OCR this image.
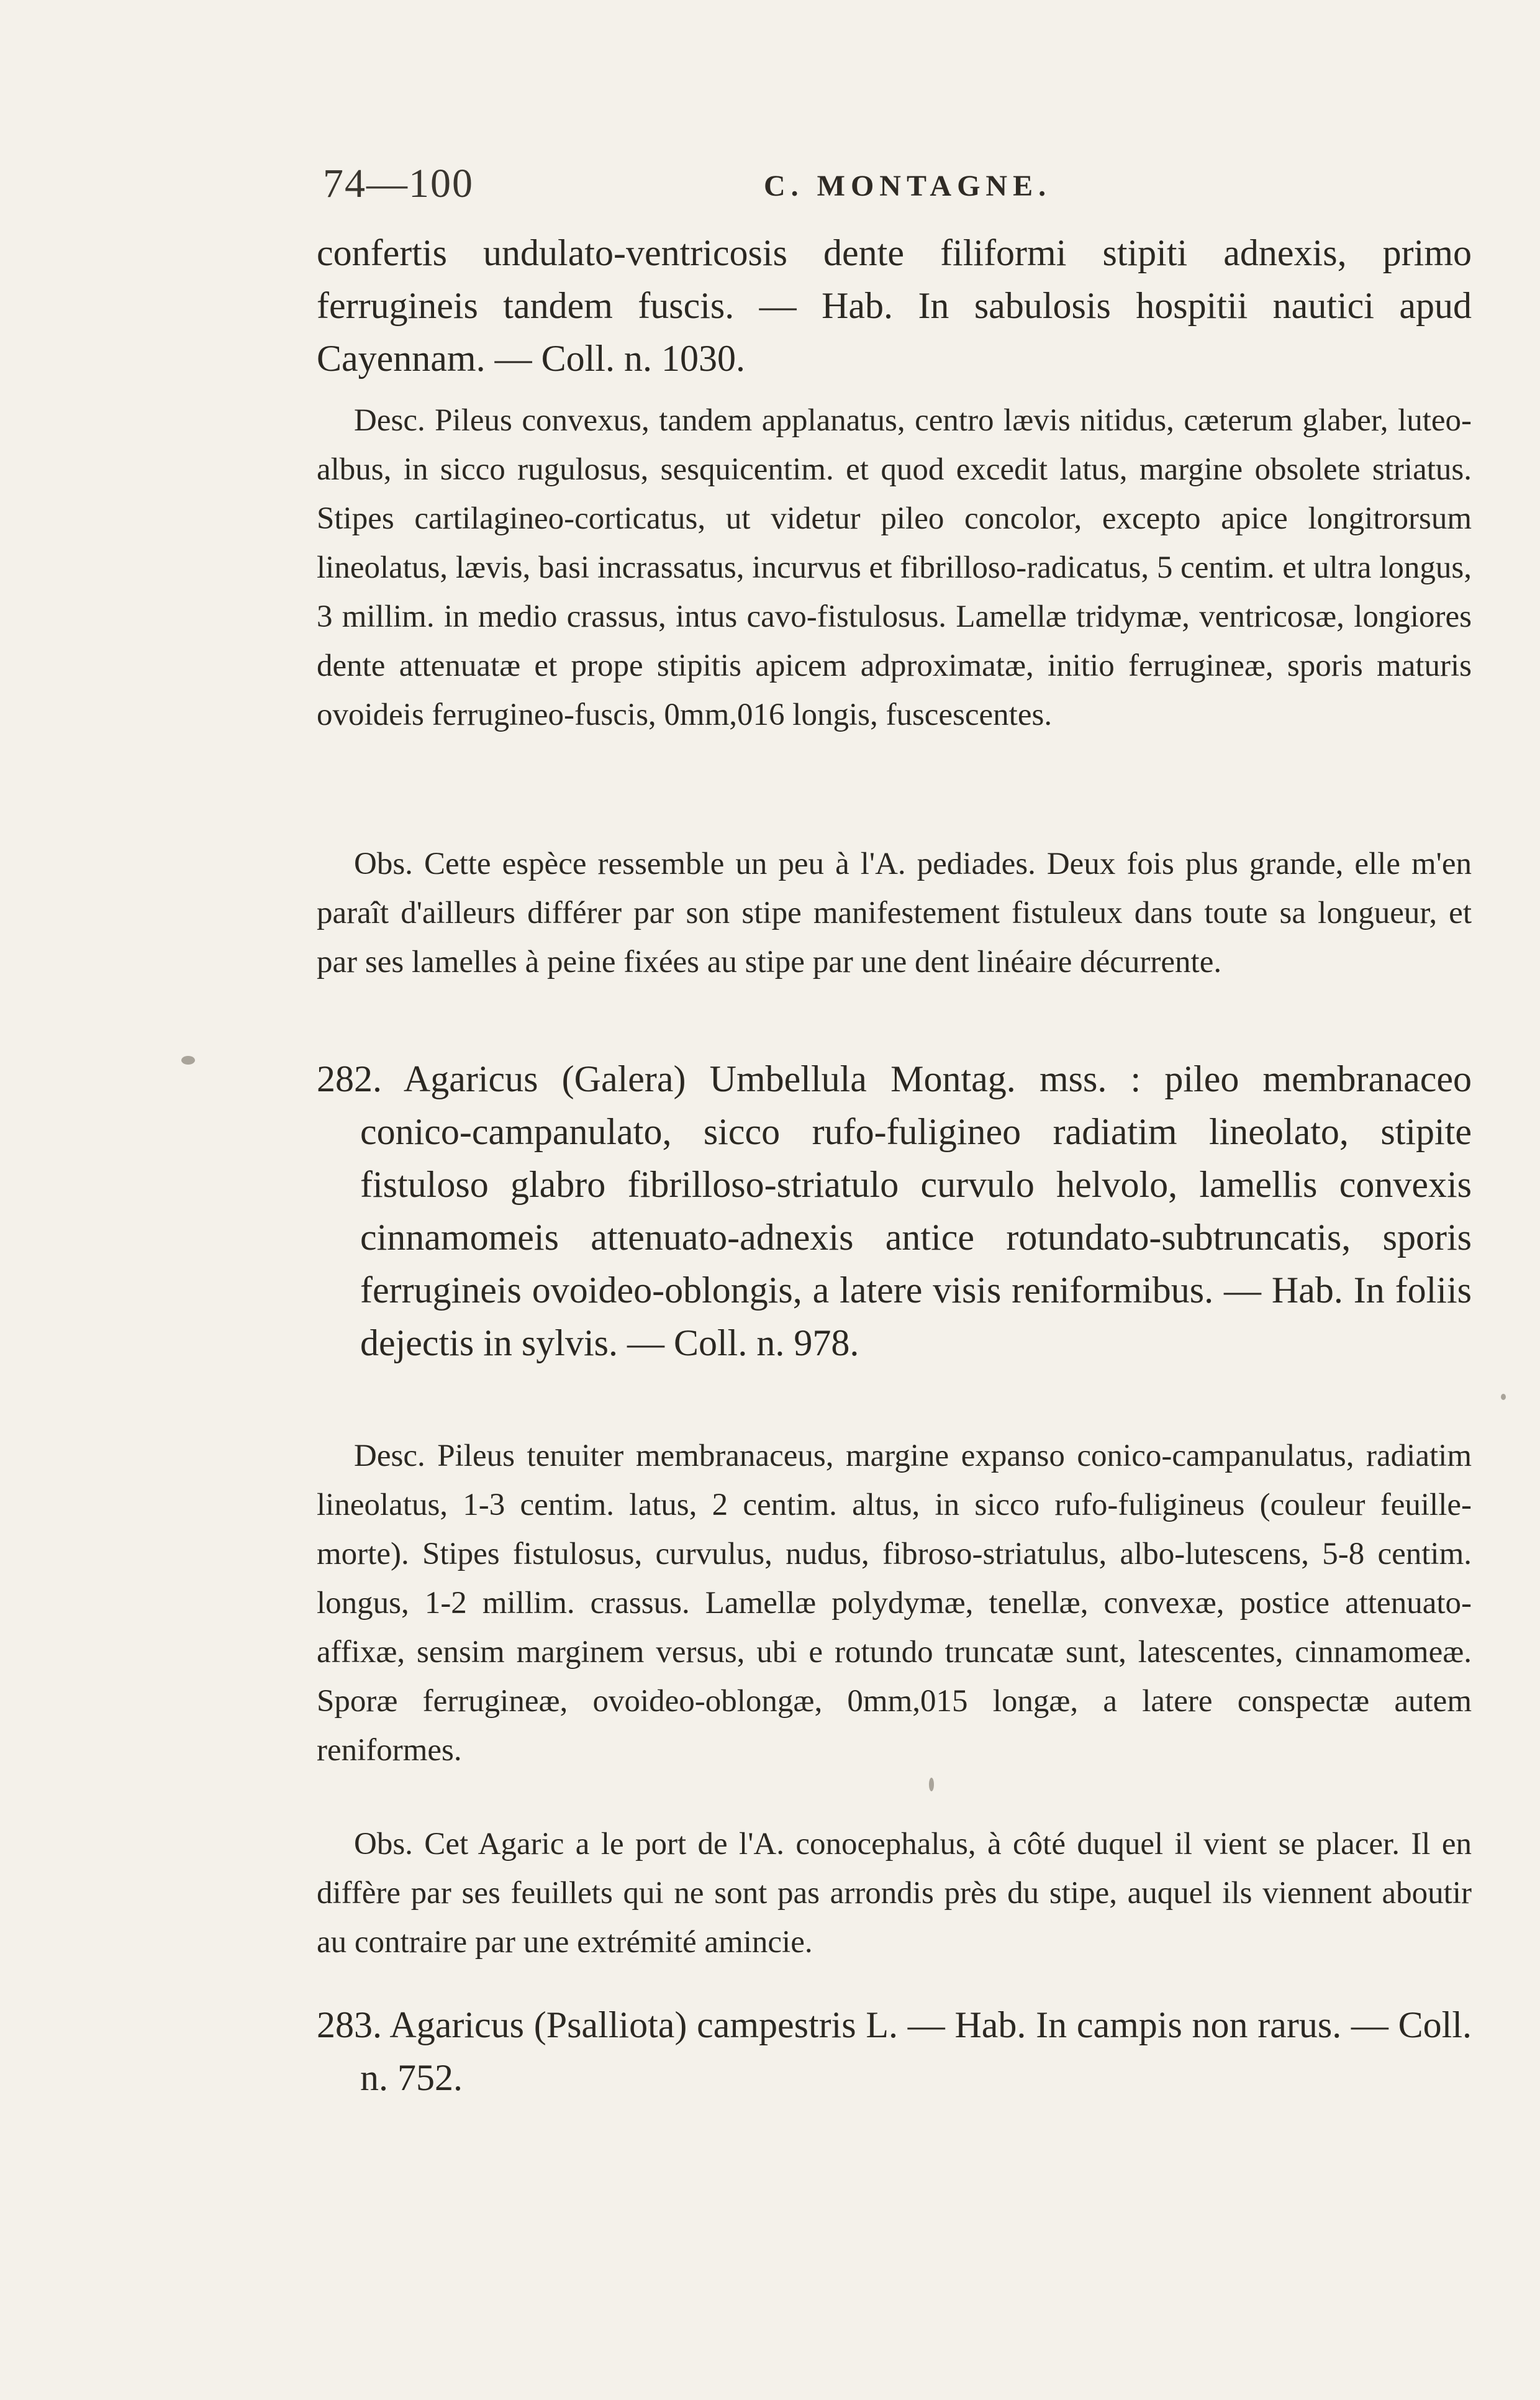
74—100	C. MONTAGNE.

confertis undulato-ventricosis dente filiformi stipiti adnexis, primo ferrugineis tandem fuscis. — Hab. In sabulosis hospitii nautici apud Cayennam. — Coll. n. 1030.

Desc. Pileus convexus, tandem applanatus, centro lævis nitidus, cæterum glaber, luteo-albus, in sicco rugulosus, sesquicentim. et quod excedit latus, margine obsolete striatus. Stipes cartilagineo-corticatus, ut videtur pileo concolor, excepto apice longitrorsum lineolatus, lævis, basi incrassatus, incurvus et fibrilloso-radicatus, 5 centim. et ultra longus, 3 millim. in medio crassus, intus cavo-fistulosus. Lamellæ tridymæ, ventricosæ, longiores dente attenuatæ et prope stipitis apicem adproximatæ, initio ferrugineæ, sporis maturis ovoideis ferrugineo-fuscis, 0mm,016 longis, fuscescentes.

Obs. Cette espèce ressemble un peu à l'A. pediades. Deux fois plus grande, elle m'en paraît d'ailleurs différer par son stipe manifestement fistuleux dans toute sa longueur, et par ses lamelles à peine fixées au stipe par une dent linéaire décurrente.

282. Agaricus (Galera) Umbellula Montag. mss. : pileo membranaceo conico-campanulato, sicco rufo-fuligineo radiatim lineolato, stipite fistuloso glabro fibrilloso-striatulo curvulo helvolo, lamellis convexis cinnamomeis attenuato-adnexis antice rotundato-subtruncatis, sporis ferrugineis ovoideo-oblongis, a latere visis reniformibus. — Hab. In foliis dejectis in sylvis. — Coll. n. 978.

Desc. Pileus tenuiter membranaceus, margine expanso conico-campanulatus, radiatim lineolatus, 1-3 centim. latus, 2 centim. altus, in sicco rufo-fuligineus (couleur feuille-morte). Stipes fistulosus, curvulus, nudus, fibroso-striatulus, albo-lutescens, 5-8 centim. longus, 1-2 millim. crassus. Lamellæ polydymæ, tenellæ, convexæ, postice attenuato-affixæ, sensim marginem versus, ubi e rotundo truncatæ sunt, latescentes, cinnamomeæ. Sporæ ferrugineæ, ovoideo-oblongæ, 0mm,015 longæ, a latere conspectæ autem reniformes.

Obs. Cet Agaric a le port de l'A. conocephalus, à côté duquel il vient se placer. Il en diffère par ses feuillets qui ne sont pas arrondis près du stipe, auquel ils viennent aboutir au contraire par une extrémité amincie.

283. Agaricus (Psalliota) campestris L. — Hab. In campis non rarus. — Coll. n. 752.
